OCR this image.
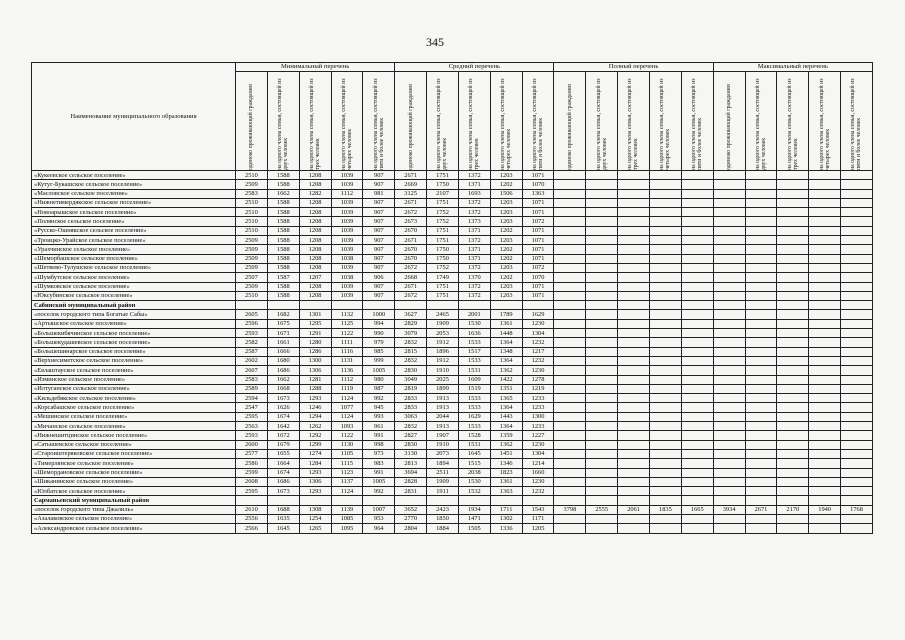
345
Наименование муниципального образования	Минимальный перечень					Средний перечень					Полный перечень					Максимальный перечень				

	одиноко проживающий гражданин	на одного члена семьи, состоящей из двух человек	на одного члена семьи, состоящей из трех человек	на одного члена семьи, состоящей из четырех человек	на одного члена семьи, состоящей из пяти и более человек	одиноко проживающий гражданин	на одного члена семьи, состоящей из двух человек	на одного члена семьи, состоящей из трех человек	на одного члена семьи, состоящей из четырех человек	на одного члена семьи, состоящей из пяти и более человек	одиноко проживающий гражданин	на одного члена семьи, состоящей из двух человек	на одного члена семьи, состоящей из трех человек	на одного члена семьи, состоящей из четырех человек	на одного члена семьи, состоящей из пяти и более человек	одиноко проживающий гражданин	на одного члена семьи, состоящей из двух человек	на одного члена семьи, состоящей из трех человек	на одного члена семьи, состоящей из четырех человек	на одного члена семьи, состоящей из пяти и более человек

«Кукеевское сельское поселение»	2510	1588	1208	1039	907	2671	1751	1372	1203	1071										
«Кутуг-Букашское сельское поселение»	2509	1588	1208	1039	907	2669	1750	1371	1202	1070										
«Масловское сельское поселение»	2583	1662	1282	1112	981	3125	2107	1693	1506	1363										
«Нижнетимердякское сельское поселение»	2510	1588	1208	1039	907	2671	1751	1372	1203	1071										
«Новоарышское сельское поселение»	2510	1588	1208	1039	907	2672	1752	1372	1203	1071										
«Полянское сельское поселение»	2510	1588	1208	1039	907	2673	1752	1373	1203	1072										
«Русско-Ошнякское сельское поселение»	2510	1588	1208	1039	907	2670	1751	1371	1202	1071										
«Троицко-Урайское сельское поселение»	2509	1588	1208	1039	907	2671	1751	1372	1203	1071										
«Урахчинское сельское поселение»	2509	1588	1208	1039	907	2670	1750	1371	1202	1071										
«Шеморбашское сельское поселение»	2509	1588	1208	1038	907	2670	1750	1371	1202	1071										
«Шетвево-Тулушское сельское поселение»	2509	1588	1208	1039	907	2672	1752	1372	1203	1072										
«Шумбутское сельское поселение»	2507	1587	1207	1038	906	2668	1749	1370	1202	1070										
«Шумковское сельское поселение»	2509	1588	1208	1039	907	2671	1751	1372	1203	1071										
«Юксубинское сельское поселение»	2510	1588	1208	1039	907	2672	1751	1372	1203	1071										
Сабинский муниципальный район																				
«поселок городского типа Богатые Сабы»	2605	1682	1301	1132	1000	3627	2465	2001	1789	1629										
«Артышское сельское поселение»	2596	1675	1295	1125	994	2829	1909	1530	1361	1230										
«Большекибячинское сельское поселение»	2593	1671	1291	1122	990	3079	2053	1636	1448	1304										
«Большекудашевское сельское поселение»	2582	1661	1280	1111	979	2832	1912	1533	1364	1232										
«Большешинарское сельское поселение»	2587	1666	1286	1116	985	2815	1896	1517	1348	1217										
«Верхнесиметское сельское поселение»	2602	1680	1300	1131	999	2832	1912	1533	1364	1232										
«Евлаштауское сельское поселение»	2607	1686	1306	1136	1005	2830	1910	1531	1362	1230										
«Изминское сельское поселение»	2583	1662	1281	1112	980	3049	2025	1609	1422	1278										
«Илтуганское сельское поселение»	2589	1668	1288	1119	987	2819	1899	1519	1351	1219										
«Кильдебякское сельское поселение»	2594	1673	1293	1124	992	2833	1913	1533	1365	1233										
«Корсабашское сельское поселение»	2547	1626	1246	1077	945	2833	1913	1533	1364	1233										
«Мешинское сельское поселение»	2595	1674	1294	1124	993	3063	2044	1629	1443	1300										
«Мичанское сельское поселение»	2563	1642	1262	1093	961	2832	1913	1533	1364	1233										
«Нижнешитцинское сельское поселение»	2593	1672	1292	1122	991	2827	1907	1528	1359	1227										
«Сатышевское сельское поселение»	2600	1679	1299	1130	998	2830	1910	1531	1362	1230										
«Староиштеряковское сельское поселение»	2577	1655	1274	1105	973	3130	2073	1645	1451	1304										
«Тимерлянское сельское поселение»	2586	1664	1284	1115	983	2813	1894	1515	1346	1214										
«Шемордановское сельское поселение»	2599	1674	1293	1123	991	3694	2511	2038	1823	1660										
«Шиканинское сельское поселение»	2608	1686	1306	1137	1005	2828	1909	1530	1361	1230										
«Юлбатское сельское поселение»	2595	1673	1293	1124	992	2831	1911	1532	1363	1232										
Сарманьевский муниципальный район																				
«поселок городского типа Джалиль»	2610	1688	1308	1139	1007	3652	2423	1934	1711	1543	3798	2555	2061	1835	1665	3934	2671	2170	1940	1768
«Азалаковское сельское поселение»	2556	1635	1254	1085	953	2770	1850	1471	1302	1171										
«Александровское сельское поселение»	2566	1645	1265	1095	964	2804	1884	1505	1336	1205										
